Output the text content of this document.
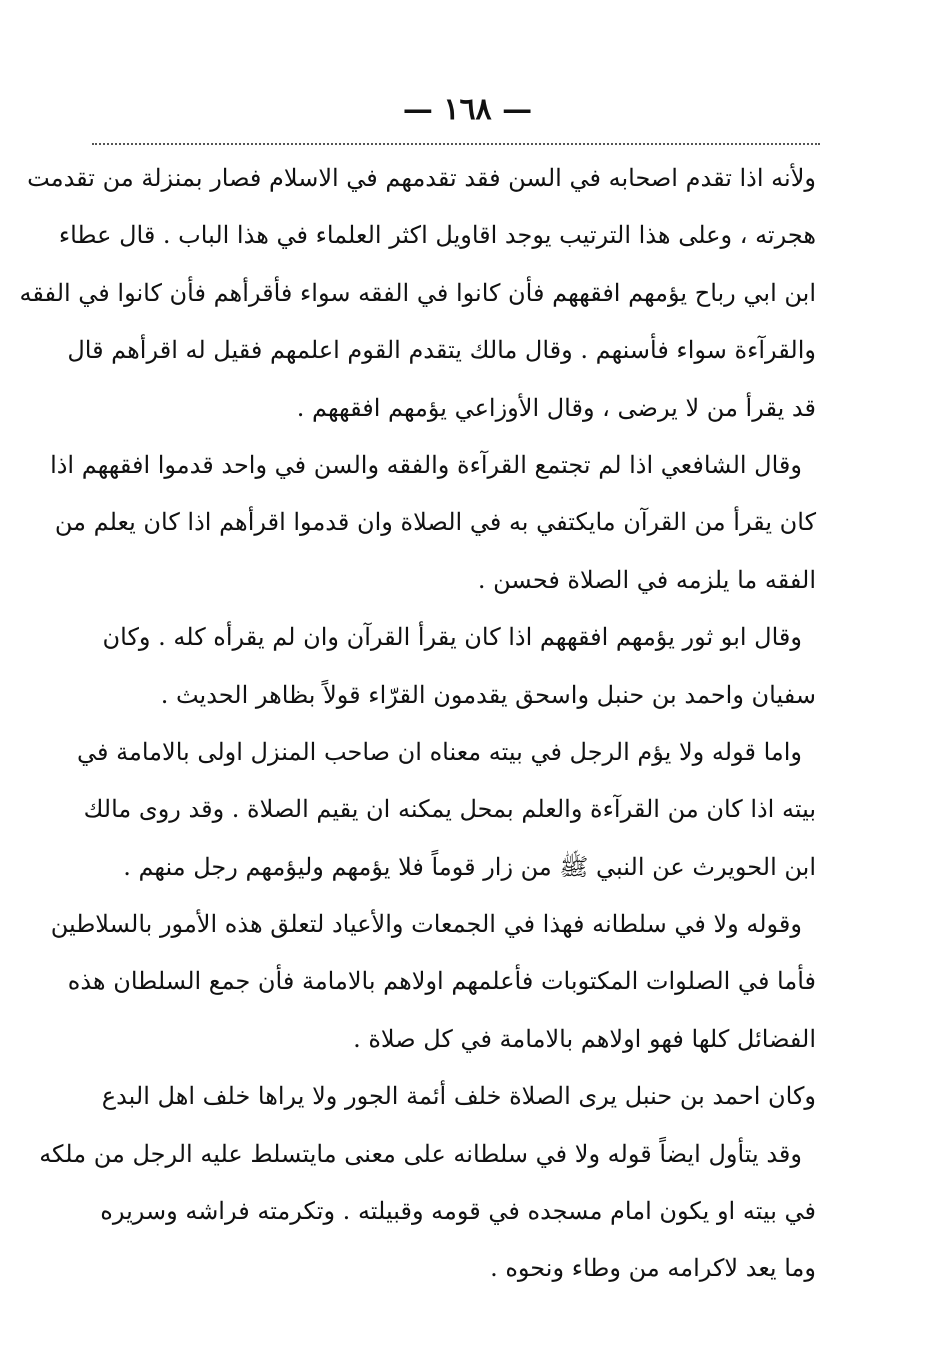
— ١٦٨ —
ولأنه اذا تقدم اصحابه في السن فقد تقدمهم في الاسلام فصار بمنزلة من تقدمت
هجرته ، وعلى هذا الترتيب يوجد اقاويل اكثر العلماء في هذا الباب . قال عطاء
ابن ابي رباح يؤمهم افقههم فأن كانوا في الفقه سواء فأقرأهم فأن كانوا في الفقه
والقرآءة سواء فأسنهم . وقال مالك يتقدم القوم اعلمهم فقيل له اقرأهم قال
قد يقرأ من لا يرضى ، وقال الأوزاعي يؤمهم افقههم .
وقال الشافعي اذا لم تجتمع القرآءة والفقه والسن في واحد قدموا افقههم اذا
كان يقرأ من القرآن مايكتفي به في الصلاة وان قدموا اقرأهم اذا كان يعلم من
الفقه ما يلزمه في الصلاة فحسن .
وقال ابو ثور يؤمهم افقههم اذا كان يقرأ القرآن وان لم يقرأه كله . وكان
سفيان واحمد بن حنبل واسحق يقدمون القرّاء قولاً بظاهر الحديث .
واما قوله ولا يؤم الرجل في بيته معناه ان صاحب المنزل اولى بالامامة في
بيته اذا كان من القرآءة والعلم بمحل يمكنه ان يقيم الصلاة . وقد روى مالك
ابن الحويرث عن النبي ﷺ من زار قوماً فلا يؤمهم وليؤمهم رجل منهم .
وقوله ولا في سلطانه فهذا في الجمعات والأعياد لتعلق هذه الأمور بالسلاطين
فأما في الصلوات المكتوبات فأعلمهم اولاهم بالامامة فأن جمع السلطان هذه
الفضائل كلها فهو اولاهم بالامامة في كل صلاة .
وكان احمد بن حنبل يرى الصلاة خلف أئمة الجور ولا يراها خلف اهل البدع
وقد يتأول ايضاً قوله ولا في سلطانه على معنى مايتسلط عليه الرجل من ملكه
في بيته او يكون امام مسجده في قومه وقبيلته . وتكرمته فراشه وسريره
وما يعد لاكرامه من وطاء ونحوه .
